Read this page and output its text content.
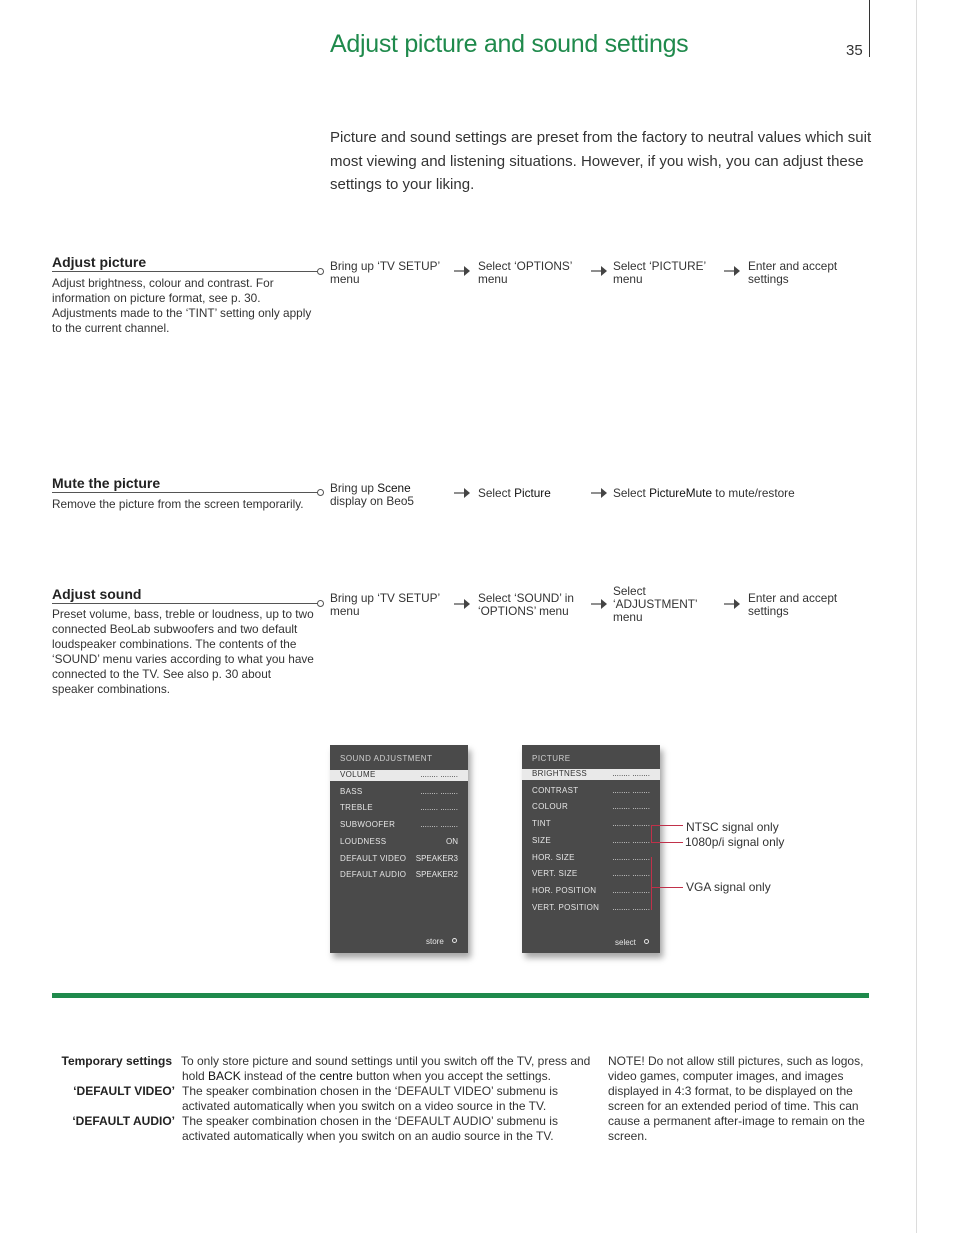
Adjust picture and sound settings	35
Picture and sound settings are preset from the factory to neutral values which suit most viewing and listening situations. However, if you wish, you can adjust these settings to your liking.
Adjust picture
Adjust brightness, colour and contrast. For information on picture format, see p. 30. Adjustments made to the ‘TINT’ setting only apply to the current channel.
Bring up ‘TV SETUP’ menu
Select ‘OPTIONS’ menu
Select ‘PICTURE’ menu
Enter and accept settings
Mute the picture
Remove the picture from the screen temporarily.
Bring up Scene display on Beo5
Select Picture	Select PictureMute to mute/restore
Adjust sound
Preset volume, bass, treble or loudness, up to two connected BeoLab subwoofers and two default loudspeaker combinations. The contents of the ‘SOUND’ menu varies according to what you have connected to the TV. See also p. 30 about speaker combinations.
Bring up ‘TV SETUP’ menu
Select ‘SOUND’ in ‘OPTIONS’ menu
Select ‘ADJUSTMENT’ menu
Enter and accept settings
SOUND ADJUSTMENT
VOLUME	........ ........
BASS	........ ........
TREBLE	........ ........
SUBWOOFER	........ ........
LOUDNESS	ON
DEFAULT VIDEO SPEAKER3
DEFAULT AUDIO SPEAKER2
store
PICTURE
BRIGHTNESS	........ ........
CONTRAST	........ ........
COLOUR	........ ........
TINT	........ ........
SIZE	........ ........
HOR. SIZE	........ ........
VERT. SIZE	........ ........
HOR. POSITION ........ ........
VERT. POSITION ........ ........
select
NTSC signal only
1080p/i signal only
VGA signal only
Temporary settings To only store picture and sound settings until you switch off the TV, press and hold BACK instead of the centre button when you accept the settings.
‘DEFAULT VIDEO’ The speaker combination chosen in the ‘DEFAULT VIDEO’ submenu is activated automatically when you switch on a video source in the TV.
‘DEFAULT AUDIO’ The speaker combination chosen in the ‘DEFAULT AUDIO’ submenu is activated automatically when you switch on an audio source in the TV.
NOTE! Do not allow still pictures, such as logos, video games, computer images, and images displayed in 4:3 format, to be displayed on the screen for an extended period of time. This can cause a permanent after-image to remain on the screen.
